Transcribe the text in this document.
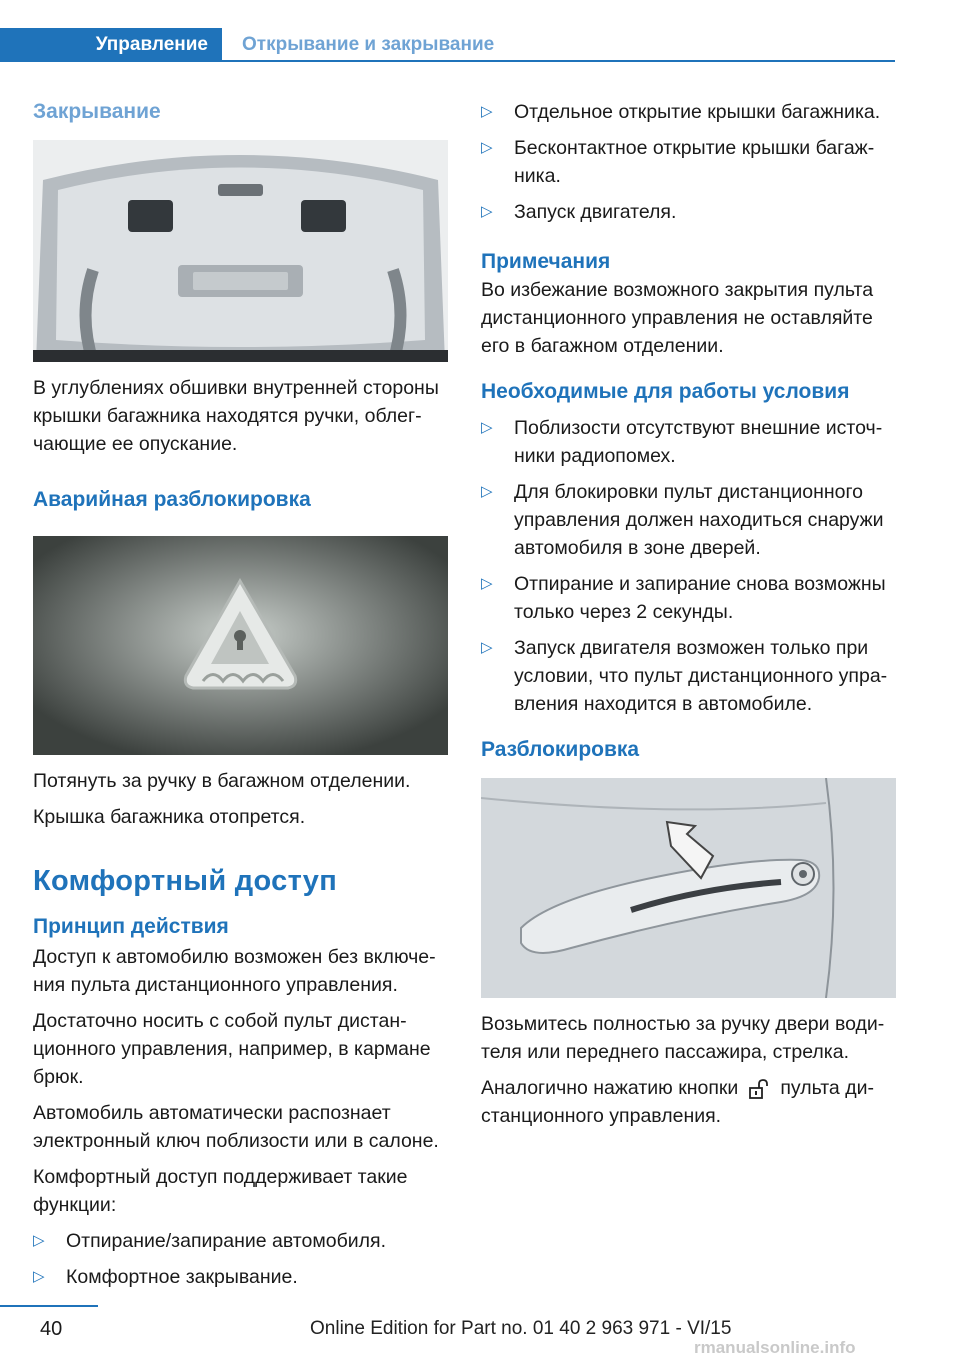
Управление	Открывание и закрывание
Закрывание

В углублениях обшивки внутренней стороны крышки багажника находятся ручки, облегчающие ее опускание.

Аварийная разблокировка

Потянуть за ручку в багажном отделении.

Крышка багажника отопрется.

Комфортный доступ
Принцип действия

Доступ к автомобилю возможен без включения пульта дистанционного управления.

Достаточно носить с собой пульт дистанционного управления, например, в кармане брюк.

Автомобиль автоматически распознает электронный ключ поблизости или в салоне.

Комфортный доступ поддерживает такие функции:

▷ Отпирание/запирание автомобиля.
▷ Комфортное закрывание.
▷ Отдельное открытие крышки багажника.
▷ Бесконтактное открытие крышки багажника.
▷ Запуск двигателя.
Примечания

Во избежание возможного закрытия пульта дистанционного управления не оставляйте его в багажном отделении.

Необходимые для работы условия
▷ Поблизости отсутствуют внешние источники радиопомех.
▷ Для блокировки пульт дистанционного управления должен находиться снаружи автомобиля в зоне дверей.
▷ Отпирание и запирание снова возможны только через 2 секунды.
▷ Запуск двигателя возможен только при условии, что пульт дистанционного управления находится в автомобиле.
Разблокировка

Возьмитесь полностью за ручку двери водителя или переднего пассажира, стрелка.

Аналогично нажатию кнопки пульта дистанционного управления.

40	Online Edition for Part no. 01 40 2 963 971 - VI/15
rmanualsonline.info
